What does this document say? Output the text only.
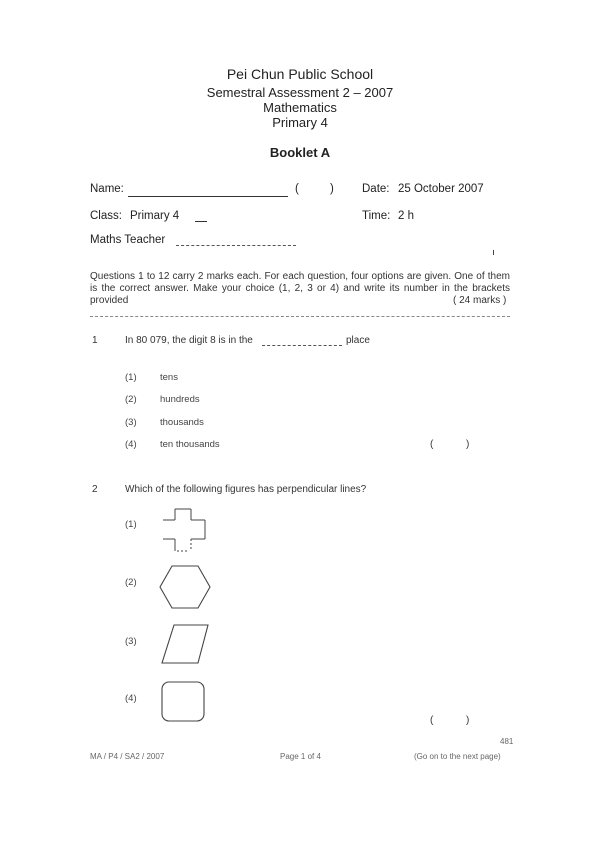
Pei Chun Public School
Semestral Assessment 2 – 2007
Mathematics
Primary 4
Booklet A
Name:	(	) Date: 25 October 2007
Class: Primary 4	Time: 2 h
Maths Teacher
Questions 1 to 12 carry 2 marks each. For each question, four options are given. One of them is the correct answer. Make your choice (1, 2, 3 or 4) and write its number in the brackets provided	( 24 marks )
1	In 80 079, the digit 8 is in the	place
(1) tens
(2) hundreds
(3) thousands
(4) ten thousands	(	)
2	Which of the following figures has perpendicular lines?
(1)
(2)
(3)
(4)
(	)
481
MA / P4 / SA2 / 2007	Page 1 of 4	(Go on to the next page)
